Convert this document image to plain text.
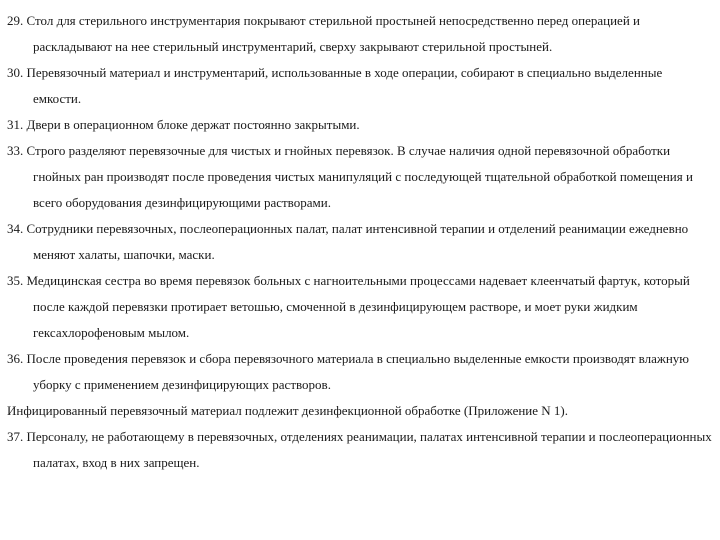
29. Стол для стерильного инструментария покрывают стерильной простыней непосредственно перед операцией и раскладывают на нее стерильный инструментарий, сверху закрывают стерильной простыней.

30. Перевязочный материал и инструментарий, использованные в ходе операции, собирают в специально выделенные емкости.

31. Двери в операционном блоке держат постоянно закрытыми.

33. Строго разделяют перевязочные для чистых и гнойных перевязок. В случае наличия одной перевязочной обработки гнойных ран производят после проведения чистых манипуляций с последующей тщательной обработкой помещения и всего оборудования дезинфицирующими растворами.

34. Сотрудники перевязочных, послеоперационных палат, палат интенсивной терапии и отделений реанимации ежедневно меняют халаты, шапочки, маски.

35. Медицинская сестра во время перевязок больных с нагноительными процессами надевает клеенчатый фартук, который после каждой перевязки протирает ветошью, смоченной в дезинфицирующем растворе, и моет руки жидким гексахлорофеновым мылом.

36. После проведения перевязок и сбора перевязочного материала в специально выделенные емкости производят влажную уборку с применением дезинфицирующих растворов.

Инфицированный перевязочный материал подлежит дезинфекционной обработке (Приложение N 1).

37. Персоналу, не работающему в перевязочных, отделениях реанимации, палатах интенсивной терапии и послеоперационных палатах, вход в них запрещен.
